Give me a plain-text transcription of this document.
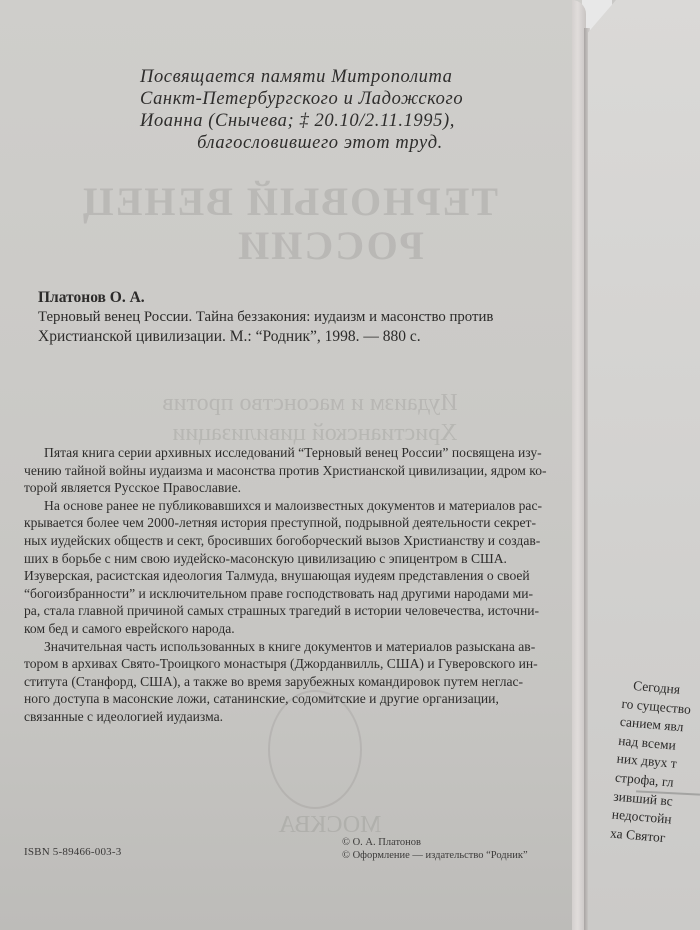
ТЕРНОВЫЙ ВЕНЕЦ
РОССИИ
Иудаизм и масонство против
Христианской цивилизации
МОСКВА
Посвящается памяти Митрополита
Санкт-Петербургского и Ладожского
Иоанна (Снычева; ‡ 20.10/2.11.1995),
благословившего этот труд.
Платонов О. А.
Терновый венец России. Тайна беззакония: иудаизм и масонство против
Христианской цивилизации. М.: “Родник”, 1998. — 880 с.
Пятая книга серии архивных исследований “Терновый венец России” посвящена изу-
чению тайной войны иудаизма и масонства против Христианской цивилизации, ядром ко-
торой является Русское Православие.
На основе ранее не публиковавшихся и малоизвестных документов и материалов рас-
крывается более чем 2000-летняя история преступной, подрывной деятельности секрет-
ных иудейских обществ и сект, бросивших богоборческий вызов Христианству и создав-
ших в борьбе с ним свою иудейско-масонскую цивилизацию с эпицентром в США.
Изуверская, расистская идеология Талмуда, внушающая иудеям представления о своей
“богоизбранности” и исключительном праве господствовать над другими народами ми-
ра, стала главной причиной самых страшных трагедий в истории человечества, источни-
ком бед и самого еврейского народа.
Значительная часть использованных в книге документов и материалов разыскана ав-
тором в архивах Свято-Троицкого монастыря (Джорданвилль, США) и Гуверовского ин-
ститута (Станфорд, США), а также во время зарубежных командировок путем неглас-
ного доступа в масонские ложи, сатанинские, содомитские и другие организации,
связанные с идеологией иудаизма.
ISBN 5-89466-003-3
© О. А. Платонов
© Оформление — издательство “Родник”
Сегодня
го существо
санием явл
над всеми
них двух т
строфа, гл
зивший вс
недостойн
ха Святог
